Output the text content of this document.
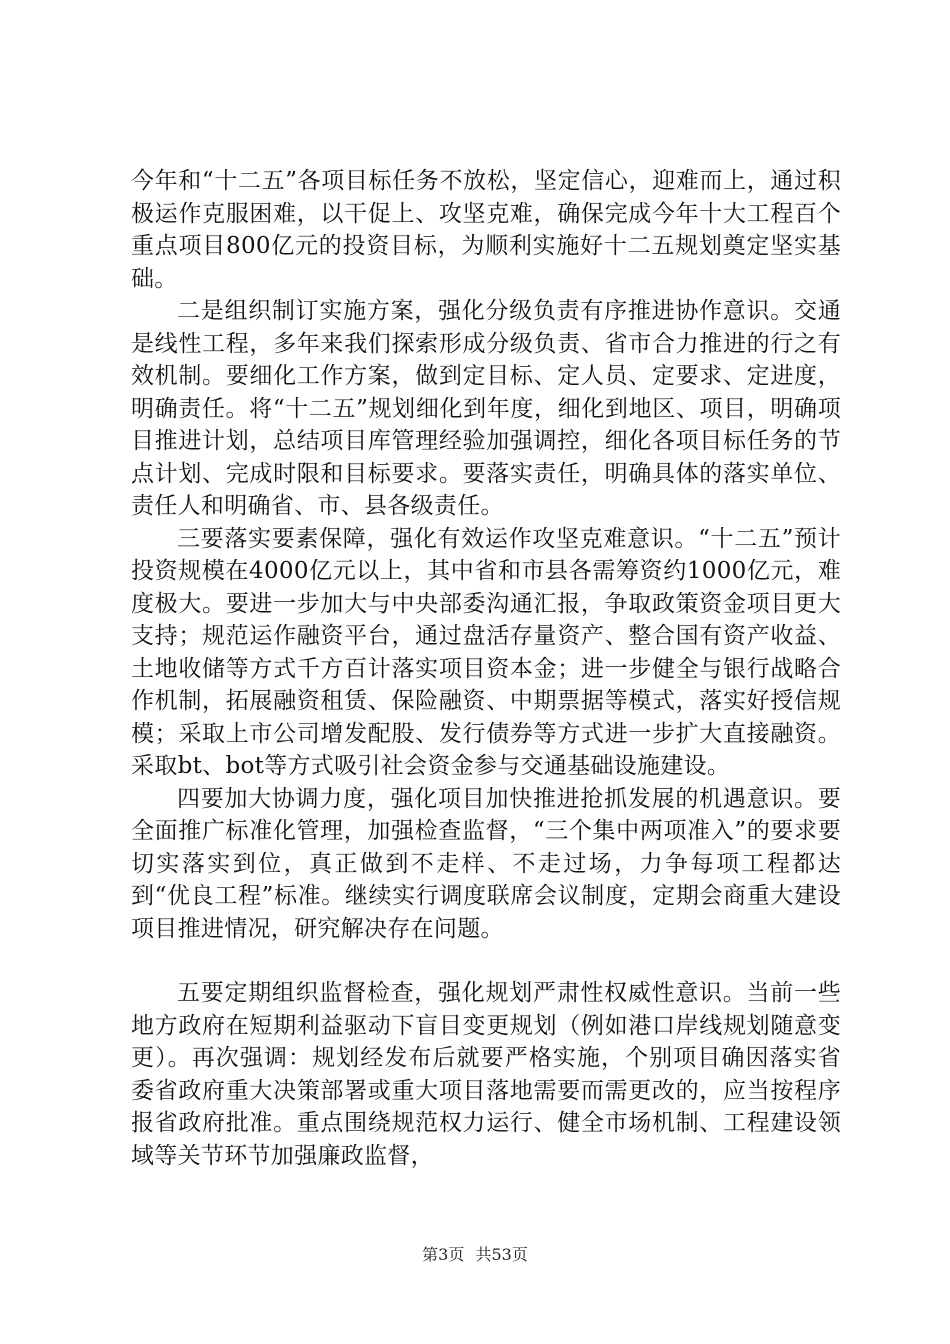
今年和“十二五”各项目标任务不放松，坚定信心，迎难而上，通过积极运作克服困难，以干促上、攻坚克难，确保完成今年十大工程百个重点项目800亿元的投资目标，为顺利实施好十二五规划奠定坚实基础。

二是组织制订实施方案，强化分级负责有序推进协作意识。交通是线性工程，多年来我们探索形成分级负责、省市合力推进的行之有效机制。要细化工作方案，做到定目标、定人员、定要求、定进度，明确责任。将“十二五”规划细化到年度，细化到地区、项目，明确项目推进计划，总结项目库管理经验加强调控，细化各项目标任务的节点计划、完成时限和目标要求。要落实责任，明确具体的落实单位、责任人和明确省、市、县各级责任。

三要落实要素保障，强化有效运作攻坚克难意识。“十二五”预计投资规模在4000亿元以上，其中省和市县各需筹资约1000亿元，难度极大。要进一步加大与中央部委沟通汇报，争取政策资金项目更大支持；规范运作融资平台，通过盘活存量资产、整合国有资产收益、土地收储等方式千方百计落实项目资本金；进一步健全与银行战略合作机制，拓展融资租赁、保险融资、中期票据等模式，落实好授信规模；采取上市公司增发配股、发行债券等方式进一步扩大直接融资。采取bt、bot等方式吸引社会资金参与交通基础设施建设。

四要加大协调力度，强化项目加快推进抢抓发展的机遇意识。要全面推广标准化管理，加强检查监督，“三个集中两项准入”的要求要切实落实到位，真正做到不走样、不走过场，力争每项工程都达到“优良工程”标准。继续实行调度联席会议制度，定期会商重大建设项目推进情况，研究解决存在问题。

五要定期组织监督检查，强化规划严肃性权威性意识。当前一些地方政府在短期利益驱动下盲目变更规划（例如港口岸线规划随意变更）。再次强调：规划经发布后就要严格实施，个别项目确因落实省委省政府重大决策部署或重大项目落地需要而需更改的，应当按程序报省政府批准。重点围绕规范权力运行、健全市场机制、工程建设领域等关节环节加强廉政监督，

第3页 共53页
